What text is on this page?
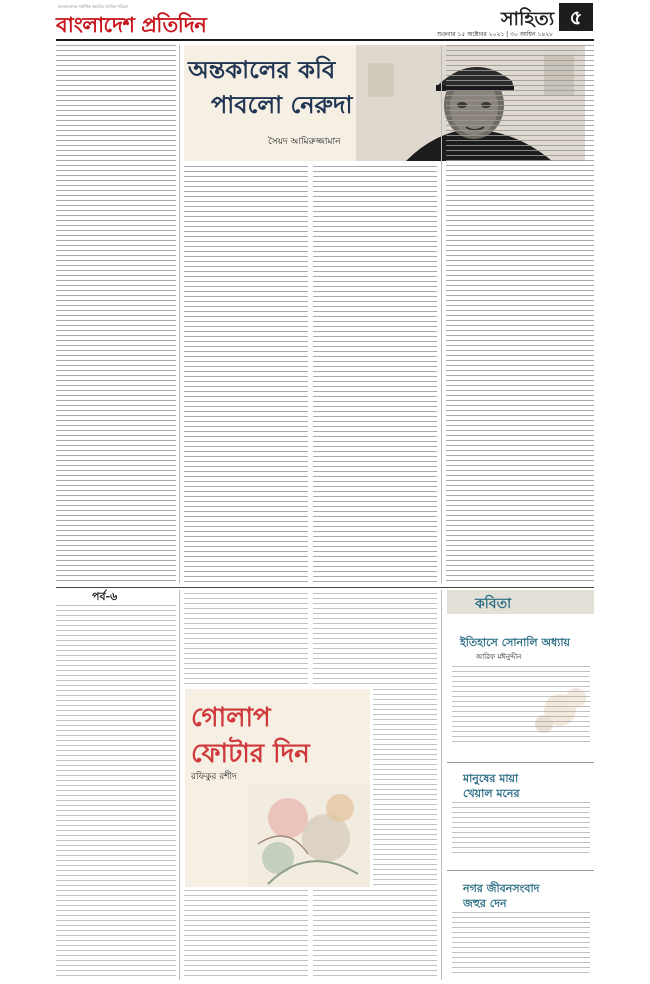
বাংলাদেশের সর্বাধিক প্রচারিত দৈনিক পত্রিকা
বাংলাদেশ প্রতিদিন	সাহিত্য ৫
শুক্রবার ১৫ অক্টোবর ২০২১ | ৩০ আশ্বিন ১৪২৮
অন্তকালের কবি
পাবলো নেরুদা
সৈয়দ আমিরুজ্জামান
পর্ব-৬
গোলাপ
ফোটার দিন
রফিকুর রশীদ
কবিতা
ইতিহাসে সোনালি অধ্যায়
আরিফ মঈনুদ্দীন
মানুষের মায়া
খেয়াল মনের
নগর জীবনসংবাদ
জহুর দেন
